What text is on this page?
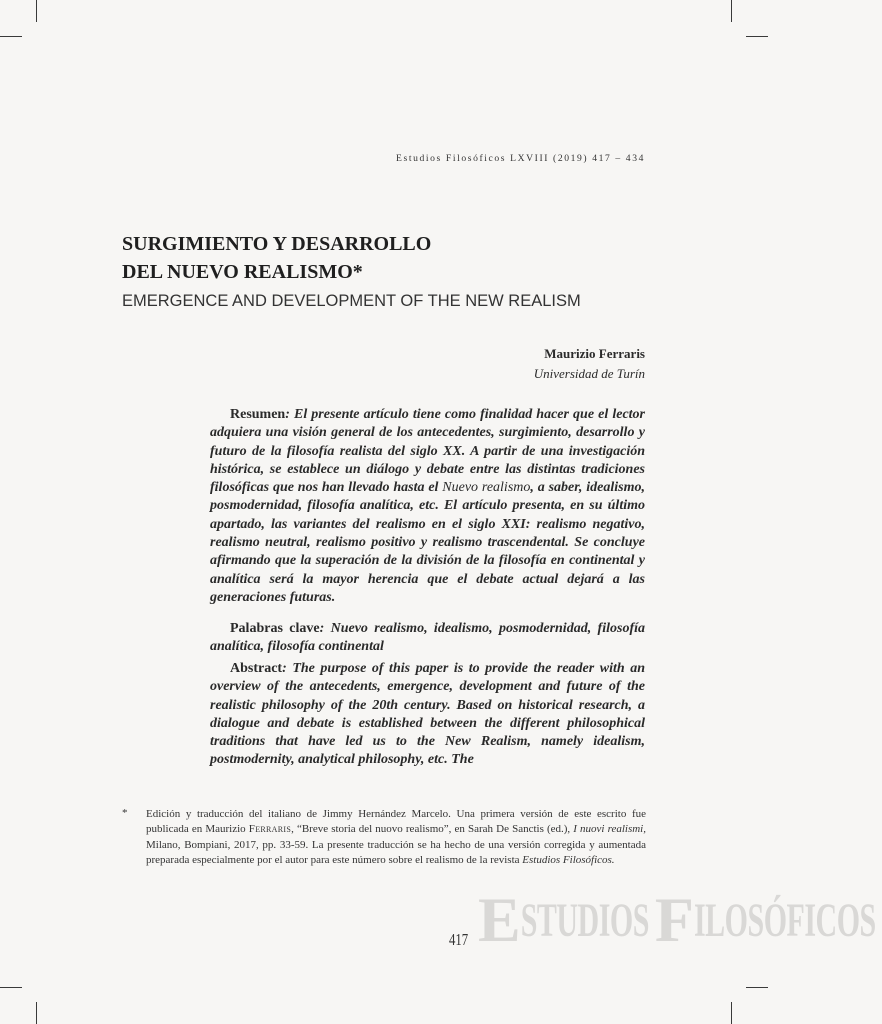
Estudios Filosóficos LXVIII (2019) 417 – 434
SURGIMIENTO Y DESARROLLO
DEL NUEVO REALISMO*
EMERGENCE AND DEVELOPMENT OF THE NEW REALISM
Maurizio Ferraris
Universidad de Turín
Resumen: El presente artículo tiene como finalidad hacer que el lector adquiera una visión general de los antecedentes, surgimiento, desarrollo y futuro de la filosofía realista del siglo XX. A partir de una investigación histórica, se establece un diálogo y debate entre las distintas tradiciones filosóficas que nos han llevado hasta el Nuevo realismo, a saber, idealismo, posmodernidad, filosofía analítica, etc. El artículo presenta, en su último apartado, las variantes del realismo en el siglo XXI: realismo negativo, realismo neutral, realismo positivo y realismo trascendental. Se concluye afirmando que la superación de la división de la filosofía en continental y analítica será la mayor herencia que el debate actual dejará a las generaciones futuras.
Palabras clave: Nuevo realismo, idealismo, posmodernidad, filosofía analítica, filosofía continental
Abstract: The purpose of this paper is to provide the reader with an overview of the antecedents, emergence, development and future of the realistic philosophy of the 20th century. Based on historical research, a dialogue and debate is established between the different philosophical traditions that have led us to the New Realism, namely idealism, postmodernity, analytical philosophy, etc. The
* Edición y traducción del italiano de Jimmy Hernández Marcelo. Una primera versión de este escrito fue publicada en Maurizio Ferraris, “Breve storia del nuovo realismo”, en Sarah De Sanctis (ed.), I nuovi realismi, Milano, Bompiani, 2017, pp. 33-59. La presente traducción se ha hecho de una versión corregida y aumentada preparada especialmente por el autor para este número sobre el realismo de la revista Estudios Filosóficos.
417 ESTUDIOSFILOSÓFICOS
